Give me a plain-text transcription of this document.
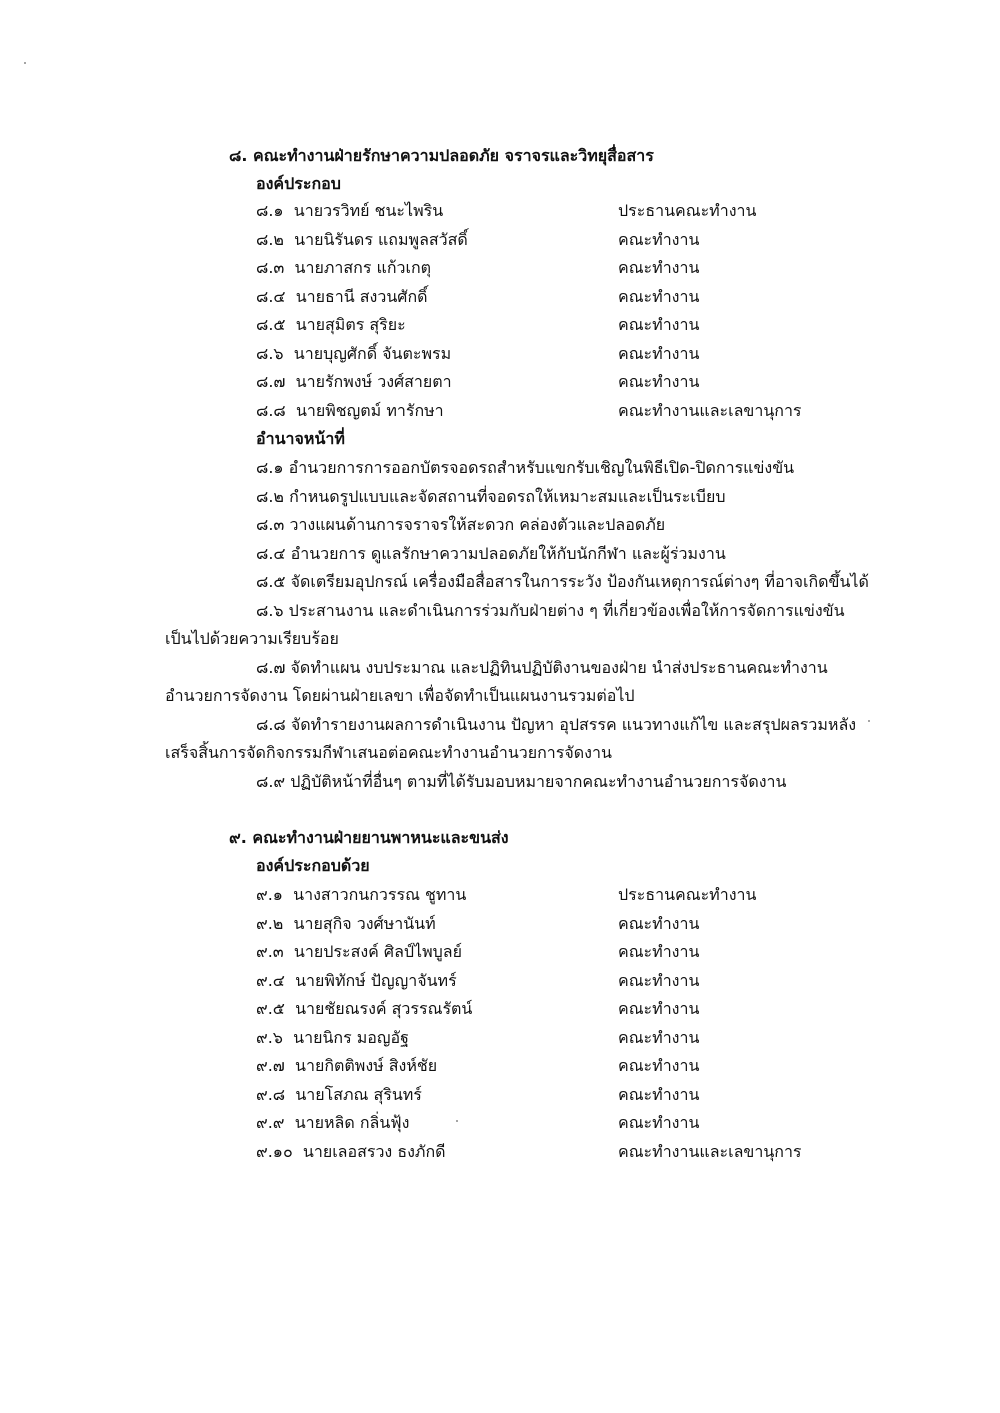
๘. คณะทำงานฝ่ายรักษาความปลอดภัย จราจรและวิทยุสื่อสาร
องค์ประกอบ
๘.๑ นายวรวิทย์ ชนะไพริน	ประธานคณะทำงาน
๘.๒ นายนิรันดร แถมพูลสวัสดิ์	คณะทำงาน
๘.๓ นายภาสกร แก้วเกตุ	คณะทำงาน
๘.๔ นายธานี สงวนศักดิ์	คณะทำงาน
๘.๕ นายสุมิตร สุริยะ	คณะทำงาน
๘.๖ นายบุญศักดิ์ จันตะพรม	คณะทำงาน
๘.๗ นายรักพงษ์ วงศ์สายตา	คณะทำงาน
๘.๘ นายพิชญตม์ ทารักษา	คณะทำงานและเลขานุการ
อำนาจหน้าที่
๘.๑ อำนวยการการออกบัตรจอดรถสำหรับแขกรับเชิญในพิธีเปิด-ปิดการแข่งขัน
๘.๒ กำหนดรูปแบบและจัดสถานที่จอดรถให้เหมาะสมและเป็นระเบียบ
๘.๓ วางแผนด้านการจราจรให้สะดวก คล่องตัวและปลอดภัย
๘.๔ อำนวยการ ดูแลรักษาความปลอดภัยให้กับนักกีฬา และผู้ร่วมงาน
๘.๕ จัดเตรียมอุปกรณ์ เครื่องมือสื่อสารในการระวัง ป้องกันเหตุการณ์ต่างๆ ที่อาจเกิดขึ้นได้
๘.๖ ประสานงาน และดำเนินการร่วมกับฝ่ายต่าง ๆ ที่เกี่ยวข้องเพื่อให้การจัดการแข่งขัน
เป็นไปด้วยความเรียบร้อย
๘.๗ จัดทำแผน งบประมาณ และปฏิทินปฏิบัติงานของฝ่าย นำส่งประธานคณะทำงาน
อำนวยการจัดงาน โดยผ่านฝ่ายเลขา เพื่อจัดทำเป็นแผนงานรวมต่อไป
๘.๘ จัดทำรายงานผลการดำเนินงาน ปัญหา อุปสรรค แนวทางแก้ไข และสรุปผลรวมหลัง
เสร็จสิ้นการจัดกิจกรรมกีฬาเสนอต่อคณะทำงานอำนวยการจัดงาน
๘.๙ ปฏิบัติหน้าที่อื่นๆ ตามที่ได้รับมอบหมายจากคณะทำงานอำนวยการจัดงาน
๙. คณะทำงานฝ่ายยานพาหนะและขนส่ง
องค์ประกอบด้วย
๙.๑ นางสาวกนกวรรณ ชูทาน	ประธานคณะทำงาน
๙.๒ นายสุกิจ วงศ์ษานันท์	คณะทำงาน
๙.๓ นายประสงค์ ศิลป์ไพบูลย์	คณะทำงาน
๙.๔ นายพิทักษ์ ปัญญาจันทร์	คณะทำงาน
๙.๕ นายชัยณรงค์ สุวรรณรัตน์	คณะทำงาน
๙.๖ นายนิกร มอญอัฐ	คณะทำงาน
๙.๗ นายกิตติพงษ์ สิงห์ชัย	คณะทำงาน
๙.๘ นายโสภณ สุรินทร์	คณะทำงาน
๙.๙ นายหลิด กลิ่นฟุ้ง	คณะทำงาน
๙.๑๐ นายเลอสรวง ธงภักดี	คณะทำงานและเลขานุการ
